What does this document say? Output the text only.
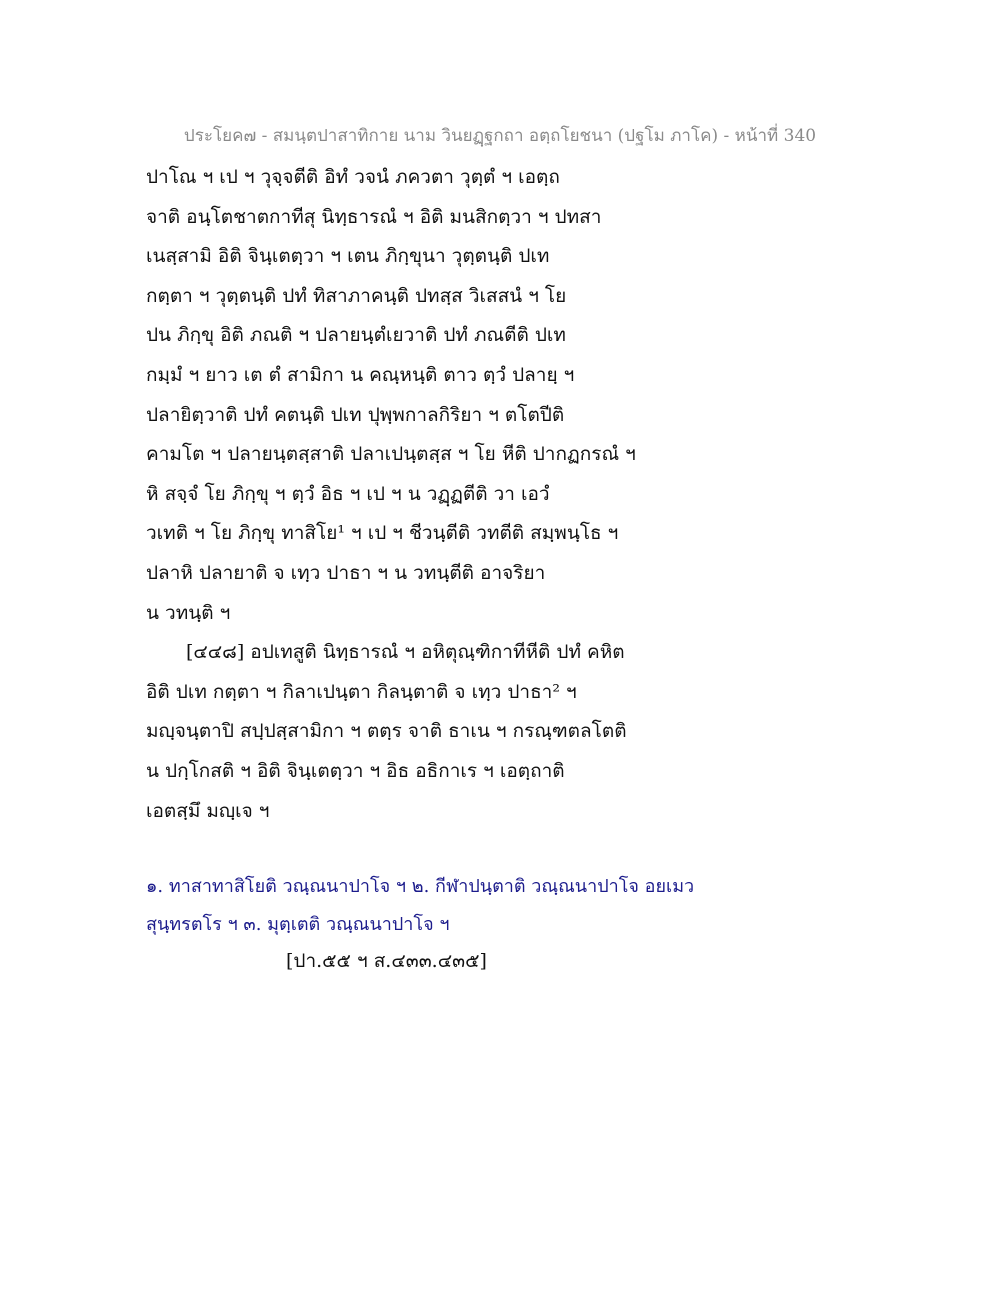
ประโยค๗ - สมนฺตปาสาทิกาย นาม วินยฏฺฐกถา อตฺถโยชนา (ปฐโม ภาโค) - หน้าที่ 340
ปาโณ ฯ เป ฯ วุจฺจตีติ อิทํ วจนํ ภควตา วุตฺตํ ฯ เอตฺถ
จาติ อนฺโตชาตกาทีสุ นิทฺธารณํ ฯ อิติ มนสิกตฺวา ฯ ปทสา
เนสฺสามิ อิติ จินฺเตตฺวา ฯ เตน ภิกฺขุนา วุตฺตนฺติ ปเท
กตฺตา ฯ วุตฺตนฺติ ปทํ ทิสาภาคนฺติ ปทสฺส วิเสสนํ ฯ โย
ปน ภิกฺขุ อิติ ภณติ ฯ ปลายนฺตํเยวาติ ปทํ ภณตีติ ปเท
กมฺมํ ฯ ยาว เต ตํ สามิกา น คณฺหนฺติ ตาว ตฺวํ ปลายฺ ฯ
ปลายิตฺวาติ ปทํ คตนฺติ ปเท ปุพฺพกาลกิริยา ฯ ตโตปีติ
คามโต ฯ ปลายนฺตสฺสาติ ปลาเปนฺตสฺส ฯ โย หีติ ปากฏกรณํ ฯ
หิ สจฺจํ โย ภิกฺขุ ฯ ตฺวํ อิธ ฯ เป ฯ น วฏฺฏตีติ วา เอวํ
วเทติ ฯ โย ภิกฺขุ ทาสิโย¹ ฯ เป ฯ ชีวนฺตีติ วทตีติ สมฺพนฺโธ ฯ
ปลาหิ ปลายาติ จ เทฺว ปาธา ฯ น วทนฺตีติ อาจริยา
น วทนฺติ ฯ
[๔๔๘] อปเทสูติ นิทฺธารณํ ฯ อหิตุณฺฑิกาทีหีติ ปทํ คหิต
อิติ ปเท กตฺตา ฯ กิลาเปนฺตา กิลนฺตาติ จ เทฺว ปาธา² ฯ
มญฺจนฺตาปิ สปฺปสฺสามิกา ฯ ตตฺร จาติ ธาเน ฯ กรณฺฑตลโตติ
น ปกฺโกสติ ฯ อิติ จินฺเตตฺวา ฯ อิธ อธิกาเร ฯ เอตฺถาติ
เอตสฺมึ มญฺเจ ฯ
๑. ทาสาทาสิโยติ วณฺณนาปาโจ ฯ ๒. กีฬาปนฺตาติ วณฺณนาปาโจ อยเมว
สุนฺทรตโร ฯ ๓. มุตฺเตติ วณฺณนาปาโจ ฯ
[ปา.๕๕ ฯ ส.๔๓๓.๔๓๕]
